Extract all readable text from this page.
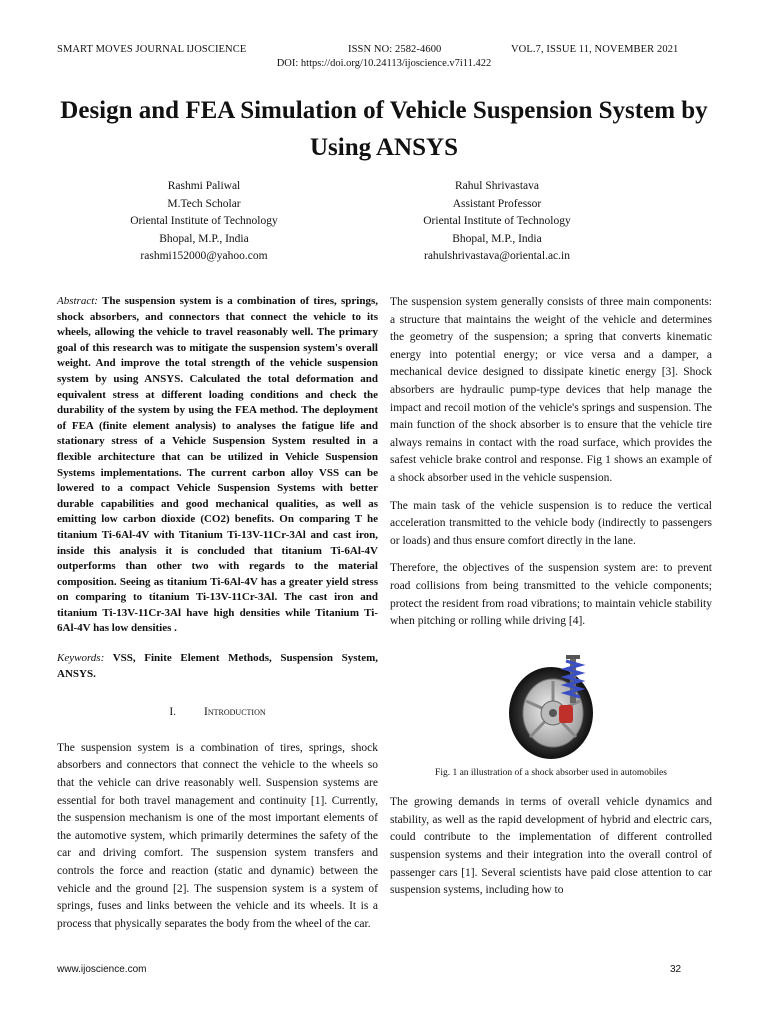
SMART MOVES JOURNAL IJOSCIENCE	ISSN NO: 2582-4600	VOL.7, ISSUE 11, NOVEMBER 2021
DOI: https://doi.org/10.24113/ijoscience.v7i11.422
Design and FEA Simulation of Vehicle Suspension System by Using ANSYS
Rashmi Paliwal
M.Tech Scholar
Oriental Institute of Technology
Bhopal, M.P., India
rashmi152000@yahoo.com
Rahul Shrivastava
Assistant Professor
Oriental Institute of Technology
Bhopal, M.P., India
rahulshrivastava@oriental.ac.in

Abstract: The suspension system is a combination of tires, springs, shock absorbers, and connectors that connect the vehicle to its wheels, allowing the vehicle to travel reasonably well. The primary goal of this research was to mitigate the suspension system's overall weight. And improve the total strength of the vehicle suspension system by using ANSYS. Calculated the total deformation and equivalent stress at different loading conditions and check the durability of the system by using the FEA method. The deployment of FEA (finite element analysis) to analyses the fatigue life and stationary stress of a Vehicle Suspension System resulted in a flexible architecture that can be utilized in Vehicle Suspension Systems implementations. The current carbon alloy VSS can be lowered to a compact Vehicle Suspension Systems with better durable capabilities and good mechanical qualities, as well as emitting low carbon dioxide (CO2) benefits. On comparing T he titanium Ti-6Al-4V with Titanium Ti-13V-11Cr-3Al and cast iron, inside this analysis it is concluded that titanium Ti-6Al-4V outperforms than other two with regards to the material composition. Seeing as titanium Ti-6Al-4V has a greater yield stress on comparing to titanium Ti-13V-11Cr-3Al. The cast iron and titanium Ti-13V-11Cr-3Al have high densities while Titanium Ti-6Al-4V has low densities .

Keywords: VSS, Finite Element Methods, Suspension System, ANSYS.

I. Introduction

The suspension system is a combination of tires, springs, shock absorbers and connectors that connect the vehicle to the wheels so that the vehicle can drive reasonably well. Suspension systems are essential for both travel management and continuity [1]. Currently, the suspension mechanism is one of the most important elements of the automotive system, which primarily determines the safety of the car and driving comfort. The suspension system transfers and controls the force and reaction (static and dynamic) between the vehicle and the ground [2]. The suspension system is a system of springs, fuses and links between the vehicle and its wheels. It is a process that physically separates the body from the wheel of the car.

The suspension system generally consists of three main components: a structure that maintains the weight of the vehicle and determines the geometry of the suspension; a spring that converts kinematic energy into potential energy; or vice versa and a damper, a mechanical device designed to dissipate kinetic energy [3]. Shock absorbers are hydraulic pump-type devices that help manage the impact and recoil motion of the vehicle's springs and suspension. The main function of the shock absorber is to ensure that the vehicle tire always remains in contact with the road surface, which provides the safest vehicle brake control and response. Fig 1 shows an example of a shock absorber used in the vehicle suspension.

The main task of the vehicle suspension is to reduce the vertical acceleration transmitted to the vehicle body (indirectly to passengers or loads) and thus ensure comfort directly in the lane.

Therefore, the objectives of the suspension system are: to prevent road collisions from being transmitted to the vehicle components; protect the resident from road vibrations; to maintain vehicle stability when pitching or rolling while driving [4].

Fig. 1 an illustration of a shock absorber used in automobiles

The growing demands in terms of overall vehicle dynamics and stability, as well as the rapid development of hybrid and electric cars, could contribute to the implementation of different controlled suspension systems and their integration into the overall control of passenger cars [1]. Several scientists have paid close attention to car suspension systems, including how to

www.ijoscience.com	32
